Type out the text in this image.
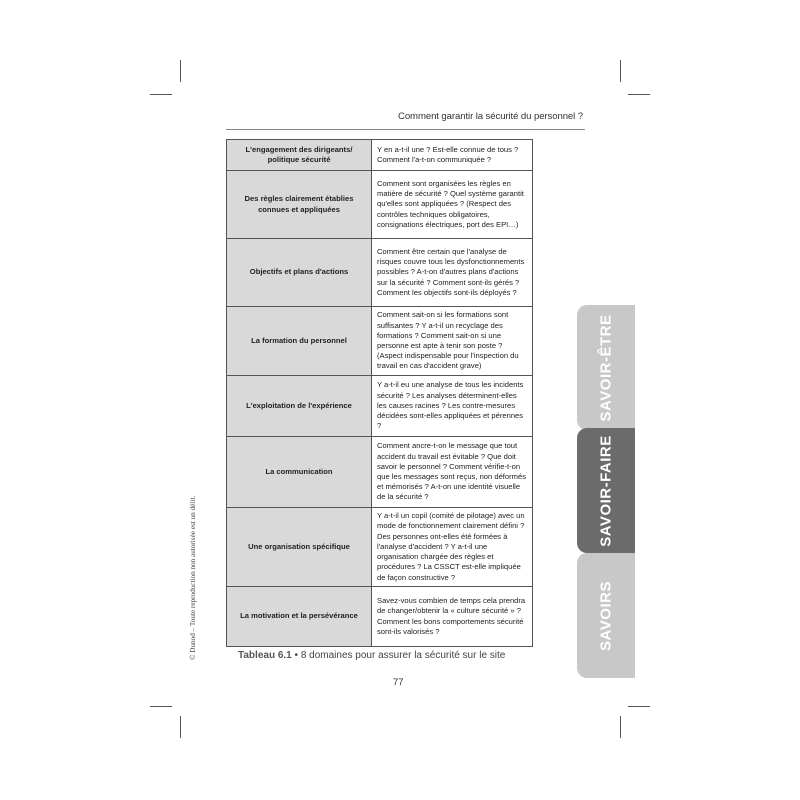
Comment garantir la sécurité du personnel ?
© Dunod – Toute reproduction non autorisée est un délit.
L'engagement des dirigeants/ politique sécurité	Y en a-t-il une ? Est-elle connue de tous ? Comment l'a-t-on communiquée ?
Des règles clairement établies connues et appliquées	Comment sont organisées les règles en matière de sécurité ? Quel système garantit qu'elles sont appliquées ? (Respect des contrôles techniques obligatoires, consignations électriques, port des EPI…)
Objectifs et plans d'actions	Comment être certain que l'analyse de risques couvre tous les dysfonctionnements possibles ? A-t-on d'autres plans d'actions sur la sécurité ? Comment sont-ils gérés ? Comment les objectifs sont-ils déployés ?
La formation du personnel	Comment sait-on si les formations sont suffisantes ? Y a-t-il un recyclage des formations ? Comment sait-on si une personne est apte à tenir son poste ? (Aspect indispensable pour l'inspection du travail en cas d'accident grave)
L'exploitation de l'expérience	Y a-t-il eu une analyse de tous les incidents sécurité ? Les analyses déterminent-elles les causes racines ? Les contre-mesures décidées sont-elles appliquées et pérennes ?
La communication	Comment ancre-t-on le message que tout accident du travail est évitable ? Que doit savoir le personnel ? Comment vérifie-t-on que les messages sont reçus, non déformés et mémorisés ? A-t-on une identité visuelle de la sécurité ?
Une organisation spécifique	Y a-t-il un copil (comité de pilotage) avec un mode de fonctionnement clairement défini ? Des personnes ont-elles été formées à l'analyse d'accident ? Y a-t-il une organisation chargée des règles et procédures ? La CSSCT est-elle impliquée de façon constructive ?
La motivation et la persévérance	Savez-vous combien de temps cela prendra de changer/obtenir la « culture sécurité » ? Comment les bons comportements sécurité sont-ils valorisés ?
Tableau 6.1 • 8 domaines pour assurer la sécurité sur le site
77
SAVOIR-ÊTRE
SAVOIR-FAIRE
SAVOIRS
